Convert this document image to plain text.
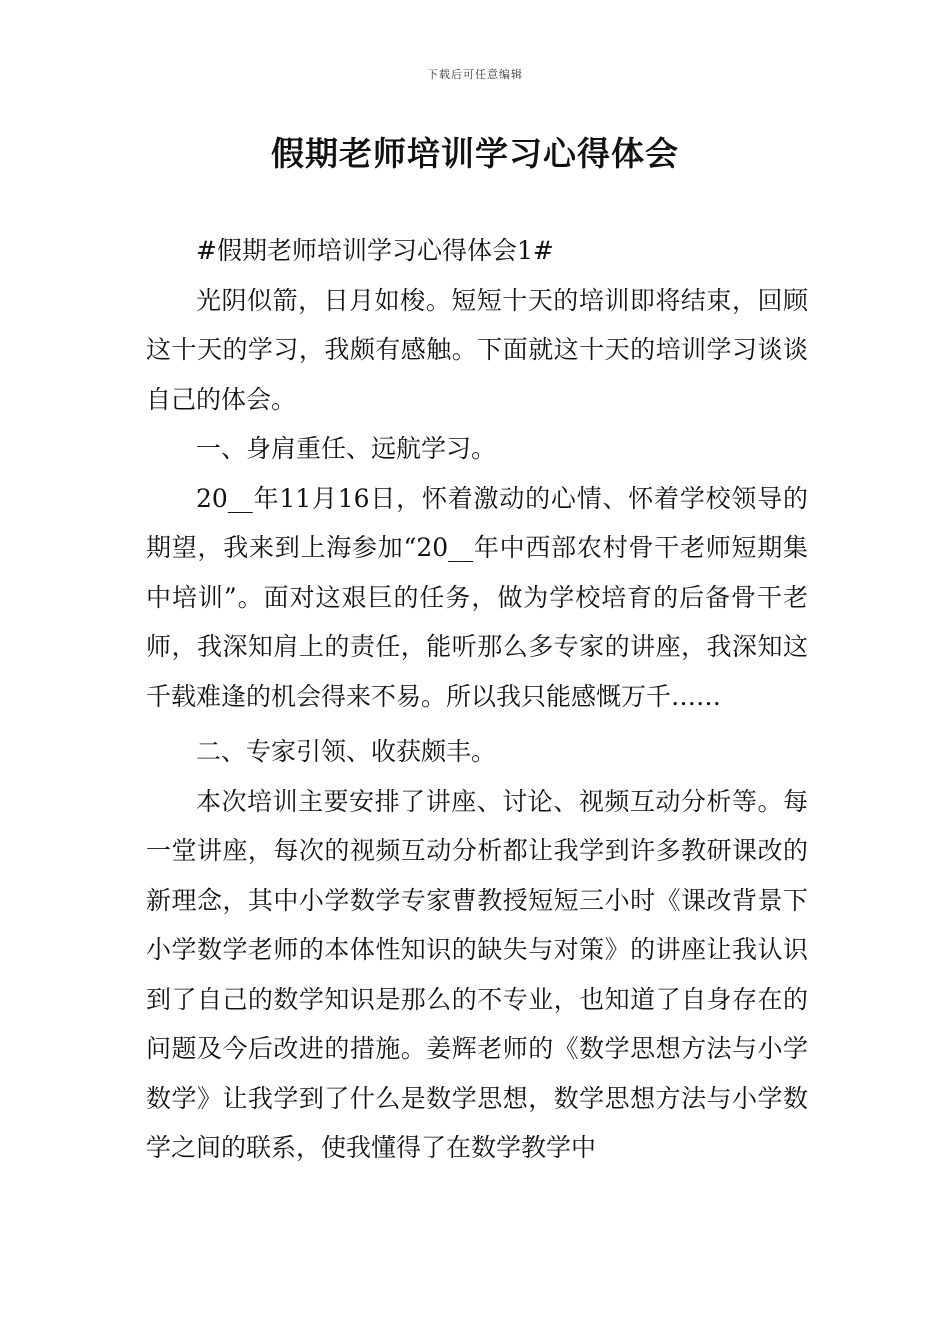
下载后可任意编辑
假期老师培训学习心得体会

#假期老师培训学习心得体会1#

光阴似箭，日月如梭。短短十天的培训即将结束，回顾这十天的学习，我颇有感触。下面就这十天的培训学习谈谈自己的体会。

一、身肩重任、远航学习。

20__年11月16日，怀着激动的心情、怀着学校领导的期望，我来到上海参加“20__年中西部农村骨干老师短期集中培训”。面对这艰巨的任务，做为学校培育的后备骨干老师，我深知肩上的责任，能听那么多专家的讲座，我深知这千载难逢的机会得来不易。所以我只能感慨万千……

二、专家引领、收获颇丰。

本次培训主要安排了讲座、讨论、视频互动分析等。每一堂讲座，每次的视频互动分析都让我学到许多教研课改的新理念，其中小学数学专家曹教授短短三小时《课改背景下小学数学老师的本体性知识的缺失与对策》的讲座让我认识到了自己的数学知识是那么的不专业，也知道了自身存在的问题及今后改进的措施。姜辉老师的《数学思想方法与小学数学》让我学到了什么是数学思想，数学思想方法与小学数学之间的联系，使我懂得了在数学教学中
